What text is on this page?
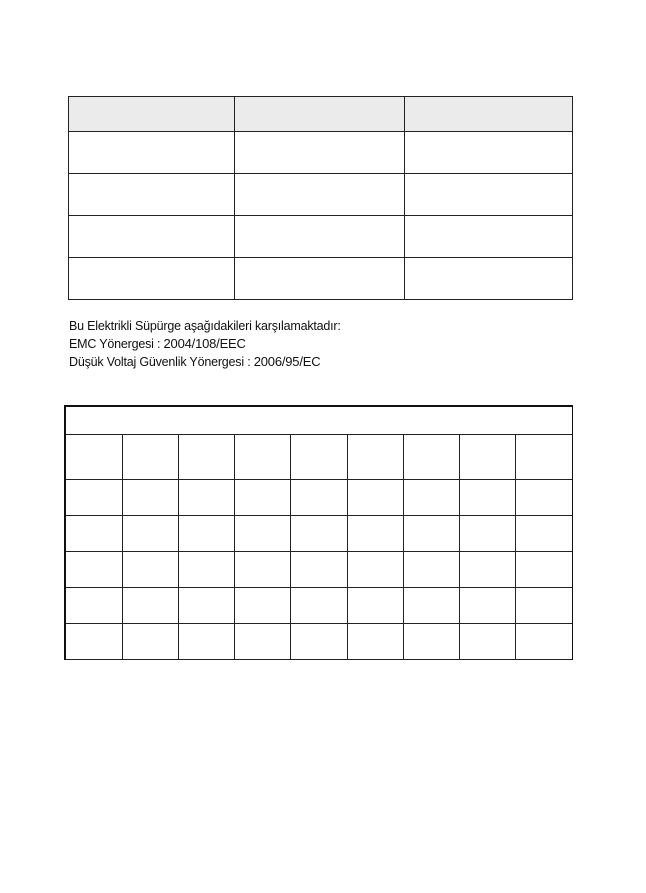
Bu Elektrikli Süpürge aşağıdakileri karşılamaktadır:
EMC Yönergesi : 2004/108/EEC
Düşük Voltaj Güvenlik Yönergesi : 2006/95/EC
